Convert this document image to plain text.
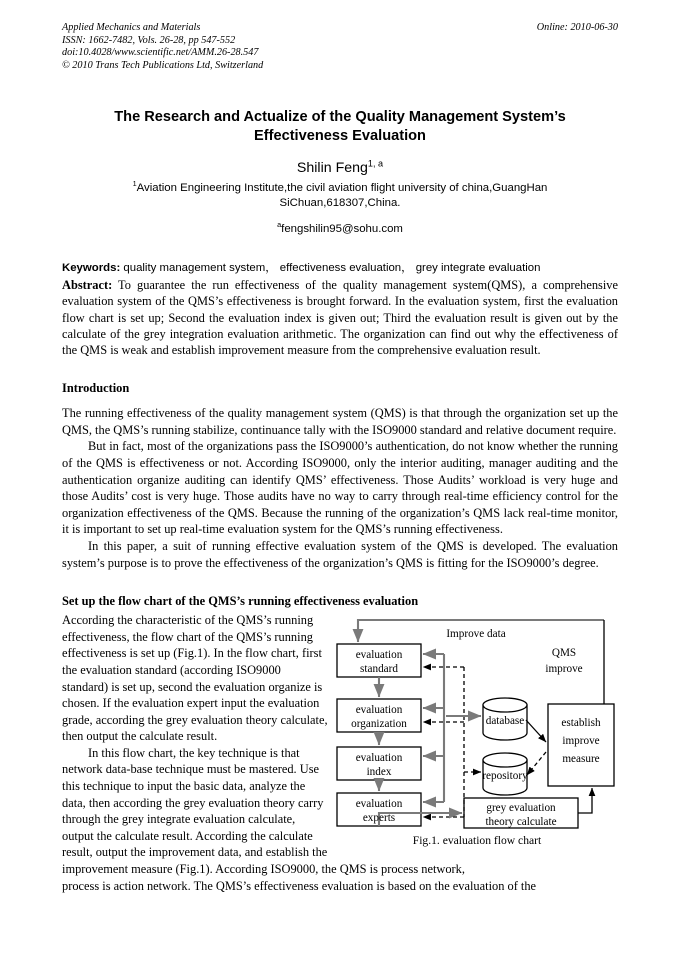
Online: 2010-06-30
Applied Mechanics and Materials
ISSN: 1662-7482, Vols. 26-28, pp 547-552
doi:10.4028/www.scientific.net/AMM.26-28.547
© 2010 Trans Tech Publications Ltd, Switzerland
The Research and Actualize of the Quality Management System’s
Effectiveness Evaluation
Shilin Feng$^{1, a}$
$^1$Aviation Engineering Institute,the civil aviation flight university of china,GuangHan
SiChuan,618307,China.
$^a$fengshilin95@sohu.com
Keywords: quality management system， effectiveness evaluation， grey integrate evaluation
Abstract: To guarantee the run effectiveness of the quality management system(QMS), a comprehensive evaluation system of the QMS’s effectiveness is brought forward. In the evaluation system, first the evaluation flow chart is set up; Second the evaluation index is given out; Third the evaluation result is given out by the calculate of the grey integration evaluation arithmetic. The organization can find out why the effectiveness of the QMS is weak and establish improvement measure from the comprehensive evaluation result.
Introduction
The running effectiveness of the quality management system (QMS) is that through the organization set up the QMS, the QMS’s running stabilize, continuance tally with the ISO9000 standard and relative document require.
But in fact, most of the organizations pass the ISO9000’s authentication, do not know whether the running of the QMS is effectiveness or not. According ISO9000, only the interior auditing, manager auditing and the authentication organize auditing can identify QMS’ effectiveness. Those Audits’ workload is very huge and those Audits’ cost is very huge. Those audits have no way to carry through real-time efficiency control for the organization effectiveness of the QMS. Because the running of the organization’s QMS lack real-time monitor, it is important to set up real-time evaluation system for the QMS’s running effectiveness.
In this paper, a suit of running effective evaluation system of the QMS is developed. The evaluation system’s purpose is to prove the effectiveness of the organization’s QMS is fitting for the ISO9000’s degree.
Set up the flow chart of the QMS’s running effectiveness evaluation
evaluation
standard
evaluation
organization
evaluation
index
evaluation
experts
database
repository
establish
improve
measure
grey evaluation
theory calculate
Improve data
QMS
improve
Fig.1. evaluation flow chart
According the characteristic of the QMS’s running effectiveness, the flow chart of the QMS’s running effectiveness is set up (Fig.1). In the flow chart, first the evaluation standard (according ISO9000 standard) is set up, second the evaluation organize is chosen. If the evaluation expert input the evaluation grade, according the grey evaluation theory calculate, then output the calculate result.
In this flow chart, the key technique is that network data-base technique must be mastered. Use this technique to input the basic data, analyze the data, then according the grey evaluation theory carry through the grey integrate evaluation calculate, output the calculate result. According the calculate result, output the improvement data, and establish the improvement measure (Fig.1). According ISO9000, the QMS is process network,
process is action network. The QMS’s effectiveness evaluation is based on the evaluation of the
